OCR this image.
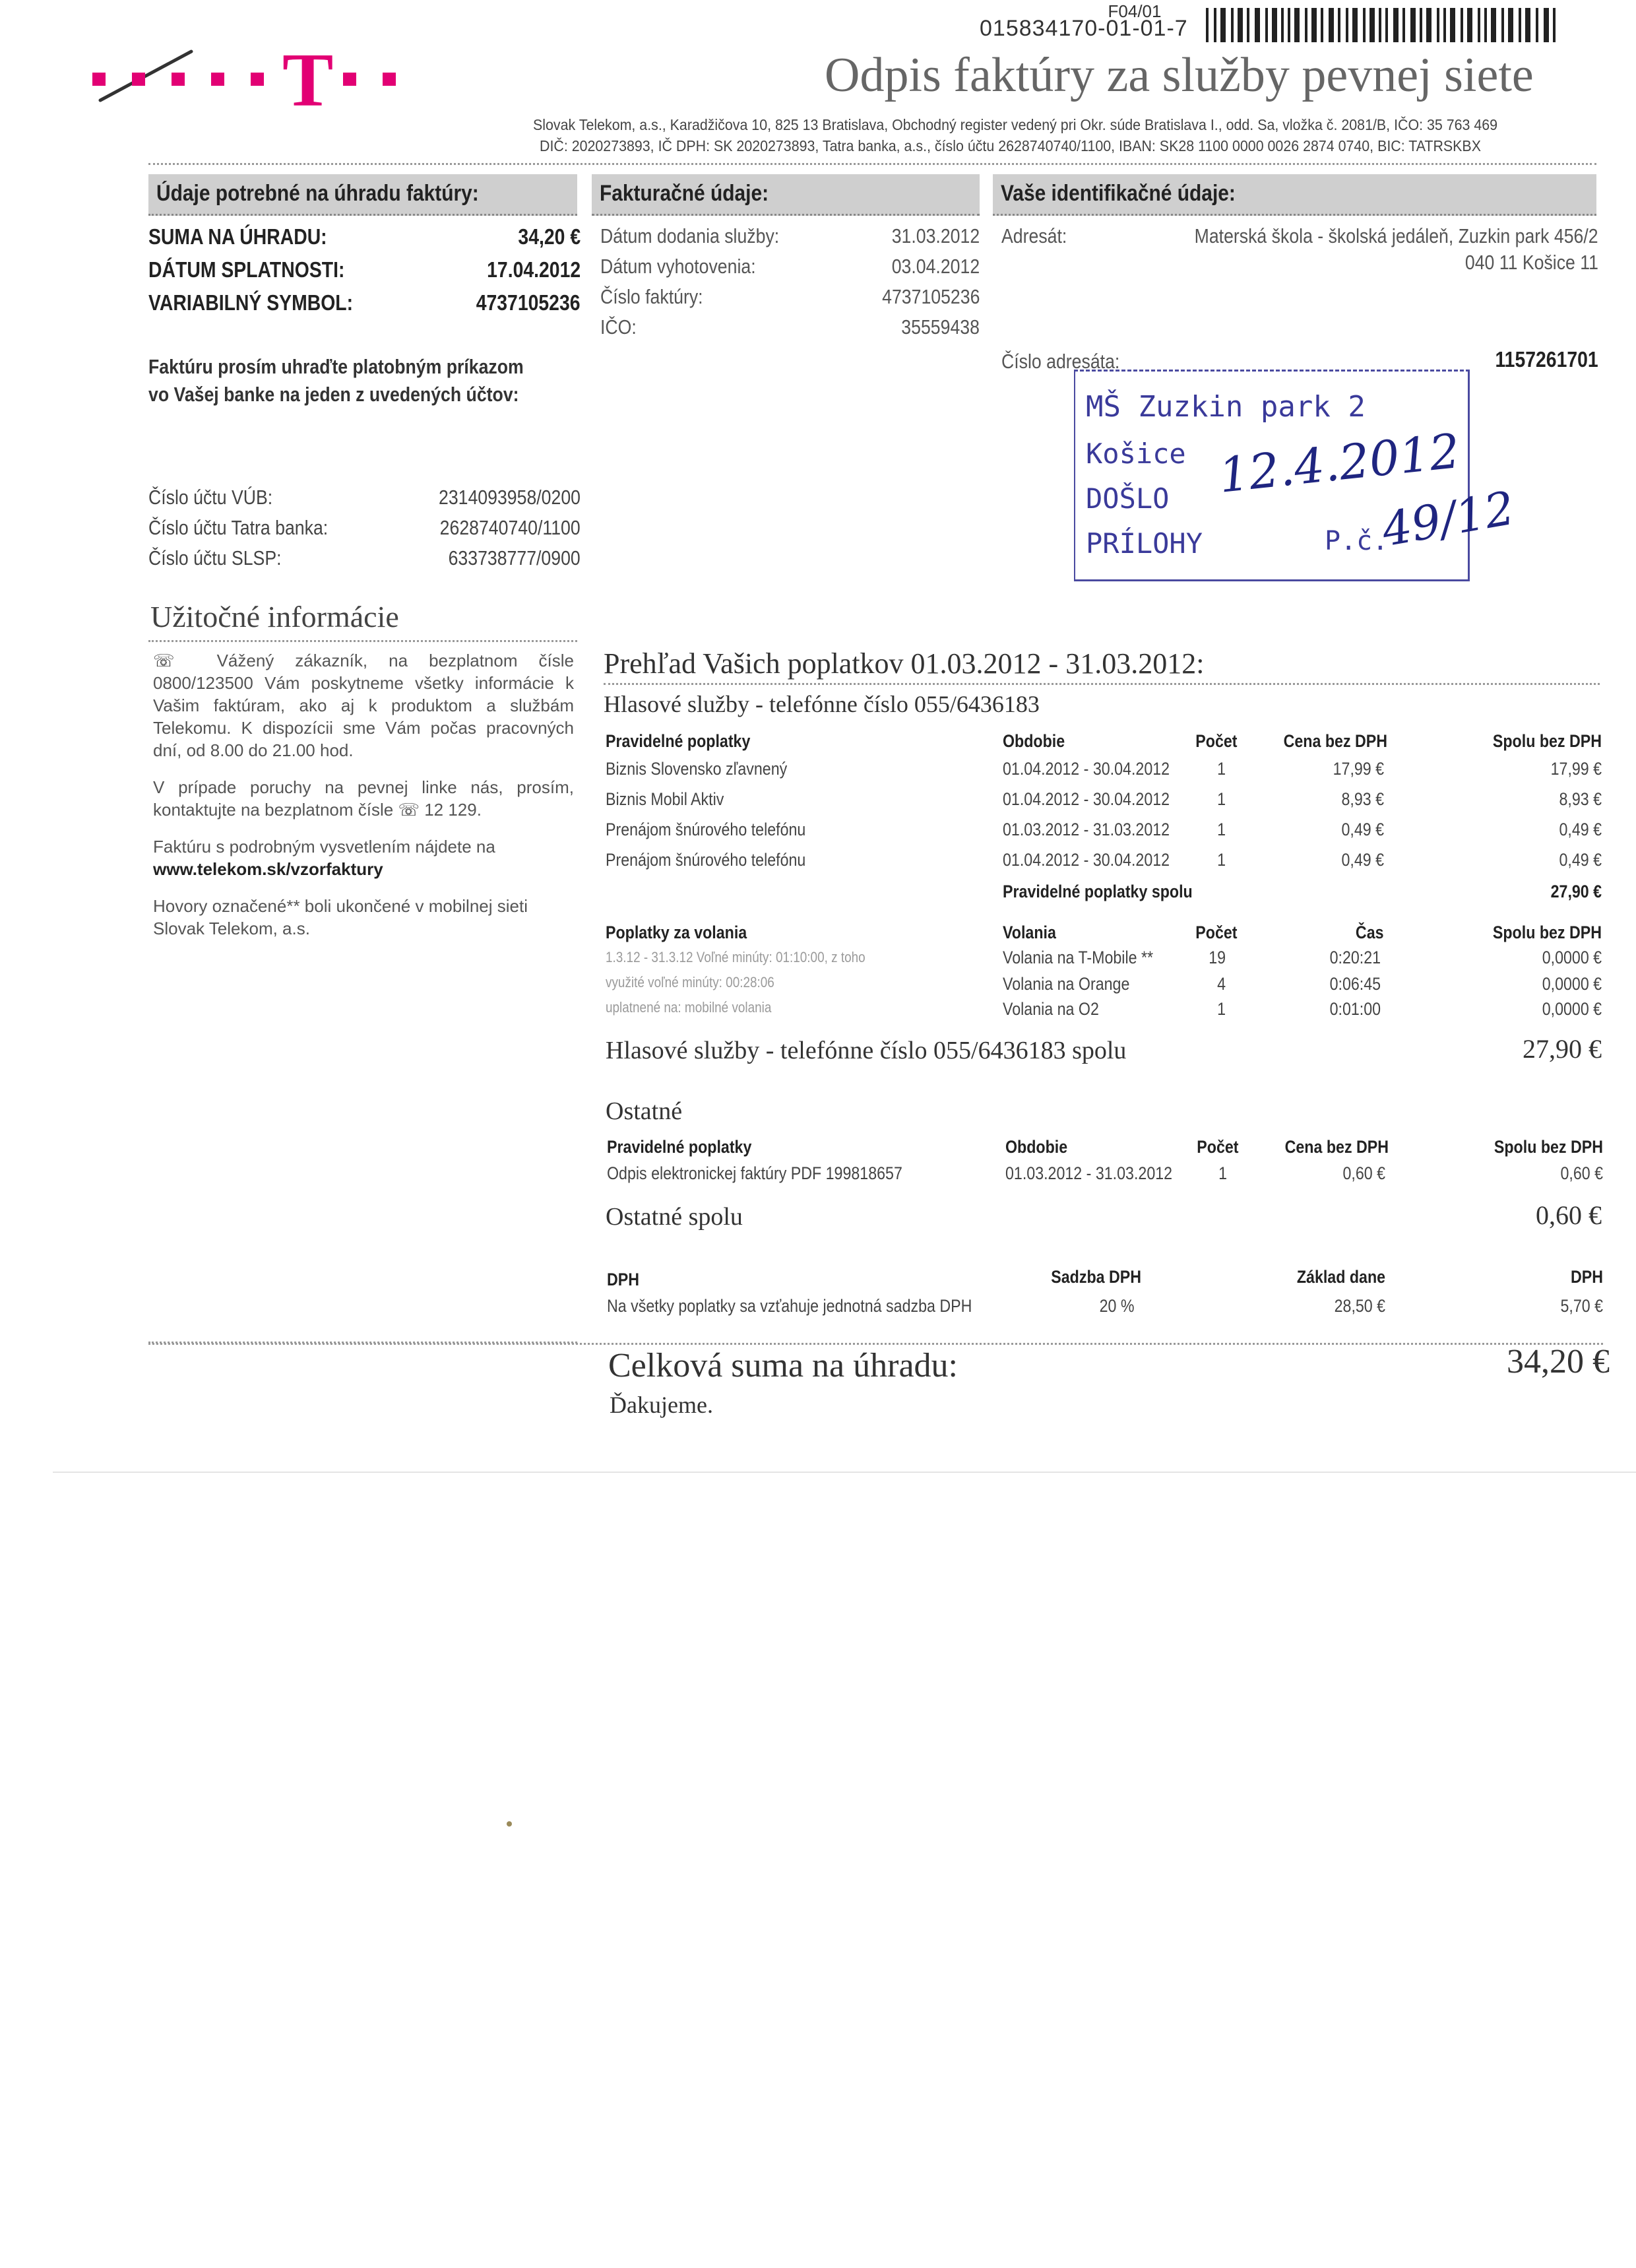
T
F04/01
015834170-01-01-7
Odpis faktúry za služby pevnej siete
Slovak Telekom, a.s., Karadžičova 10, 825 13 Bratislava, Obchodný register vedený pri Okr. súde Bratislava I., odd. Sa, vložka č. 2081/B, IČO: 35 763 469
DIČ: 2020273893, IČ DPH: SK 2020273893, Tatra banka, a.s., číslo účtu 2628740740/1100, IBAN: SK28 1100 0000 0026 2874 0740, BIC: TATRSKBX
Údaje potrebné na úhradu faktúry:	Fakturačné údaje:	Vaše identifikačné údaje:
SUMA NA ÚHRADU:	34,20 €
DÁTUM SPLATNOSTI:	17.04.2012
VARIABILNÝ SYMBOL:	4737105236
Faktúru prosím uhraďte platobným príkazom
vo Vašej banke na jeden z uvedených účtov:
Číslo účtu VÚB:	2314093958/0200
Číslo účtu Tatra banka:	2628740740/1100
Číslo účtu SLSP:	633738777/0900
Dátum dodania služby:	31.03.2012
Dátum vyhotovenia:	03.04.2012
Číslo faktúry:	4737105236
IČO:	35559438
Adresát:	Materská škola - školská jedáleň, Zuzkin park 456/2
040 11 Košice 11
Číslo adresáta:	1157261701
MŠ Zuzkin park 2
Košice
DOŠLO
PRÍLOHY	P.č.
12.4.2012
49/12
Užitočné informácie
☏  Vážený zákazník, na bezplatnom čísle 0800/123500 Vám poskytneme všetky informácie k Vašim faktúram, ako aj k produktom a službám Telekomu. K dispozícii sme Vám počas pracovných dní, od 8.00 do 21.00 hod.
V prípade poruchy na pevnej linke nás, prosím, kontaktujte na bezplatnom čísle ☏ 12 129.
Faktúru s podrobným vysvetlením nájdete na
www.telekom.sk/vzorfaktury
Hovory označené** boli ukončené v mobilnej sieti Slovak Telekom, a.s.
Prehľad Vašich poplatkov 01.03.2012 - 31.03.2012:
Hlasové služby - telefónne číslo 055/6436183
Pravidelné poplatky	Obdobie	Počet	Cena bez DPH	Spolu bez DPH
Biznis Slovensko zľavnený	01.04.2012 - 30.04.2012	1	17,99 €	17,99 €
Biznis Mobil Aktiv	01.04.2012 - 30.04.2012	1	8,93 €	8,93 €
Prenájom šnúrového telefónu	01.03.2012 - 31.03.2012	1	0,49 €	0,49 €
Prenájom šnúrového telefónu	01.04.2012 - 30.04.2012	1	0,49 €	0,49 €
Pravidelné poplatky spolu	27,90 €
Poplatky za volania	Volania	Počet	Čas	Spolu bez DPH
1.3.12 - 31.3.12 Voľné minúty: 01:10:00, z toho
využité voľné minúty: 00:28:06
uplatnené na: mobilné volania
Volania na T-Mobile **	19	0:20:21	0,0000 €
Volania na Orange	4	0:06:45	0,0000 €
Volania na O2	1	0:01:00	0,0000 €
Hlasové služby - telefónne číslo 055/6436183 spolu	27,90 €
Ostatné
Pravidelné poplatky	Obdobie	Počet	Cena bez DPH	Spolu bez DPH
Odpis elektronickej faktúry PDF 199818657	01.03.2012 - 31.03.2012	1	0,60 €	0,60 €
Ostatné spolu	0,60 €
DPH	Sadzba DPH	Základ dane	DPH
Na všetky poplatky sa vzťahuje jednotná sadzba DPH	20 %	28,50 €	5,70 €
Celková suma na úhradu:	34,20 €
Ďakujeme.
